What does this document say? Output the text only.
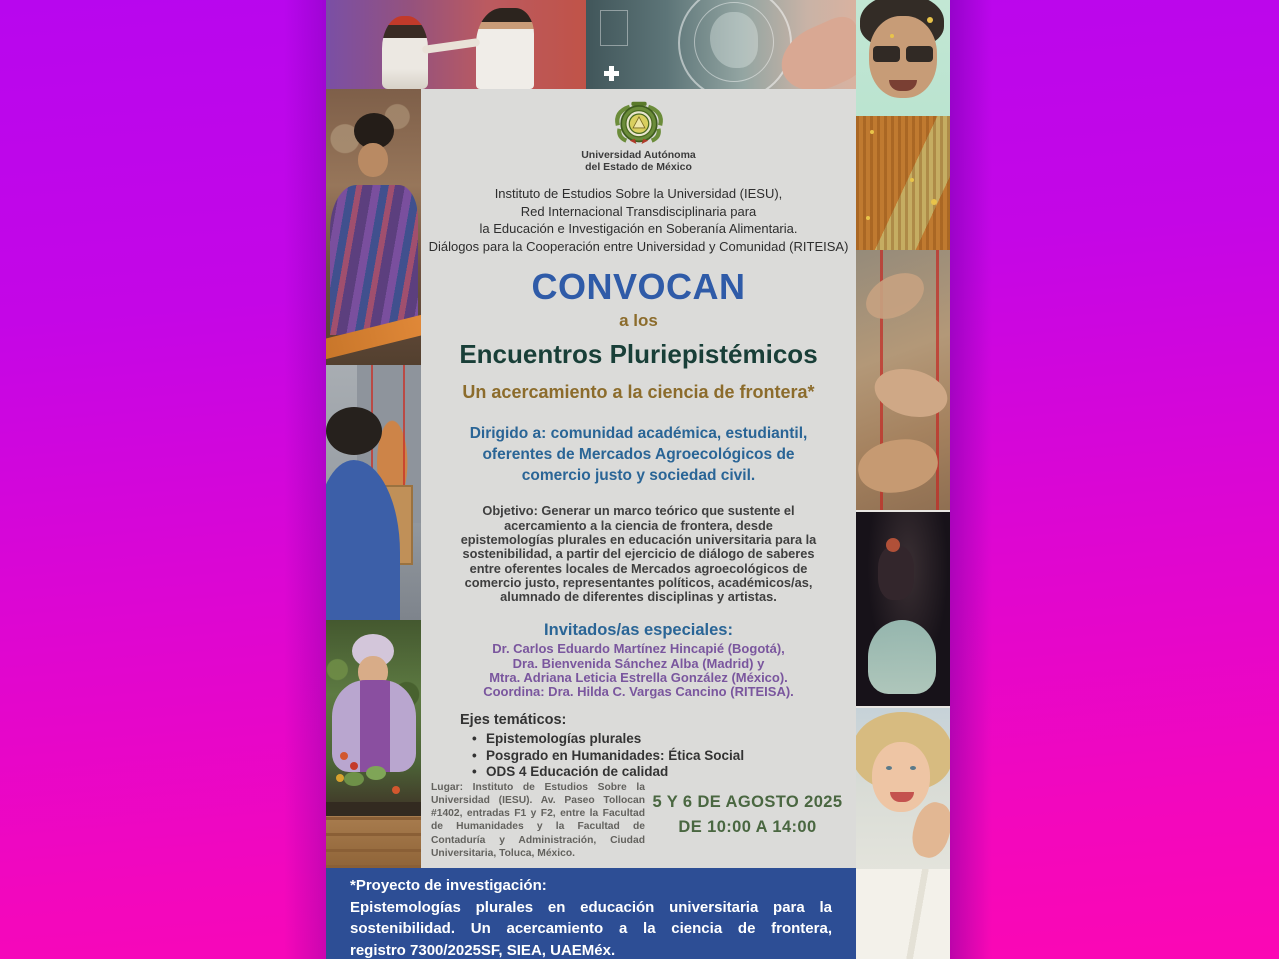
Universidad Autónoma
del Estado de México
Instituto de Estudios Sobre la Universidad (IESU),
Red Internacional Transdisciplinaria para
la Educación e Investigación en Soberanía Alimentaria.
Diálogos para la Cooperación entre Universidad y Comunidad (RITEISA)
CONVOCAN
a los
Encuentros Pluriepistémicos
Un acercamiento a la ciencia de frontera*
Dirigido a: comunidad académica, estudiantil,
oferentes de Mercados Agroecológicos de
comercio justo y sociedad civil.
Objetivo: Generar un marco teórico que sustente el
acercamiento a la ciencia de frontera, desde
epistemologías plurales en educación universitaria para la
sostenibilidad, a partir del ejercicio de diálogo de saberes
entre oferentes locales de Mercados agroecológicos de
comercio justo, representantes políticos, académicos/as,
alumnado de diferentes disciplinas y artistas.
Invitados/as especiales:
Dr. Carlos Eduardo Martínez Hincapié (Bogotá),
Dra. Bienvenida Sánchez Alba (Madrid) y
Mtra. Adriana Leticia Estrella González (México).
Coordina: Dra. Hilda C. Vargas Cancino (RITEISA).
Ejes temáticos:
• Epistemologías plurales
• Posgrado en Humanidades: Ética Social
• ODS 4 Educación de calidad
Lugar: Instituto de Estudios Sobre la Universidad (IESU). Av. Paseo Tollocan #1402, entradas F1 y F2, entre la Facultad de Humanidades y la Facultad de Contaduría y Administración, Ciudad Universitaria, Toluca, México.
5 Y 6 DE AGOSTO 2025
DE 10:00 A 14:00
*Proyecto de investigación:
Epistemologías plurales en educación universitaria para la
sostenibilidad. Un acercamiento a la ciencia de frontera,
registro 7300/2025SF, SIEA, UAEMéx.
